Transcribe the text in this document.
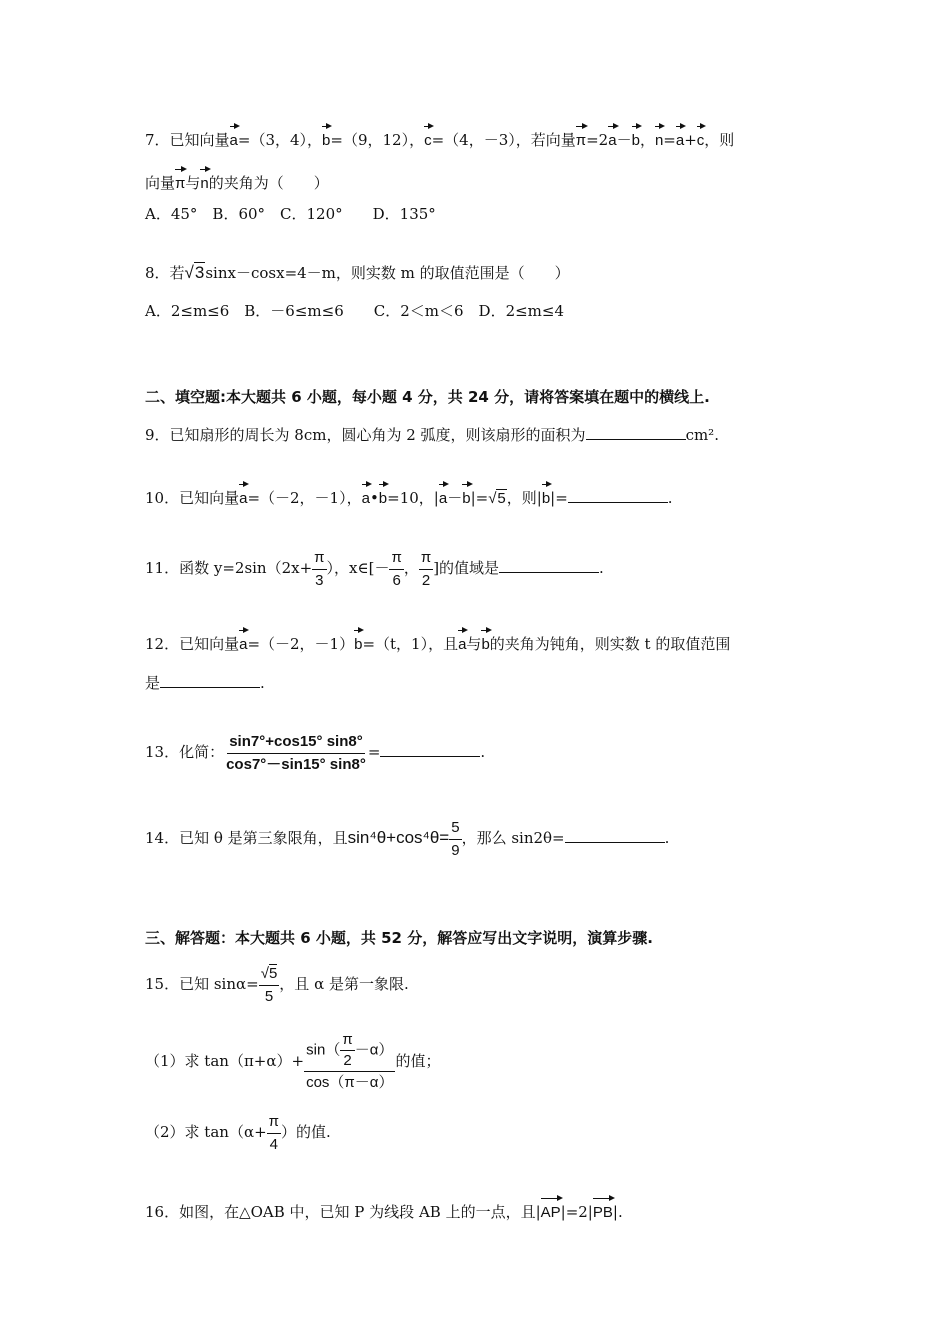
7．已知向量a=（3，4），b=（9，12），c=（4，－3），若向量π=2a－b，n=a+c，则
向量π与n的夹角为（　　）
A．45°　B．60°　C．120°　　D．135°
8．若√3sinx－cosx=4－m，则实数 m 的取值范围是（　　）
A．2≤m≤6　B．－6≤m≤6　　C．2＜m＜6　D．2≤m≤4
二、填空题:本大题共 6 小题，每小题 4 分，共 24 分，请将答案填在题中的横线上.
9．已知扇形的周长为 8cm，圆心角为 2 弧度，则该扇形的面积为	cm².
10．已知向量a=（－2，－1），a•b=10，|a－b|=√5，则|b|=	.
11．函数 $y=2\sin(2x+ \frac{\pi}{3}$ ），x∈[－ $\frac{\pi}{6}$ ， $\frac{\pi}{2}$ ]的值域是	.
12．已知向量a=（－2，－1）b=（t，1），且a与b的夹角为钝角，则实数 t 的取值范围
是	.
13．化简： $\frac{\sin 7^\circ+\cos 15^\circ \sin 8^\circ}{\cos 7^\circ-\sin 15^\circ \sin 8^\circ}$ =	.
14．已知 θ 是第三象限角，且$\sin^4\theta+\cos^4\theta= \frac{5}{9}$ ，那么 sin2θ=	.
三、解答题：本大题共 6 小题，共 52 分，解答应写出文字说明，演算步骤.
15．已知 $\sin\alpha= \frac{√5}{5}$ ，且 α 是第一象限.
（1）求 $\tan(\pi+\alpha)+ \frac{\sin( \frac{\pi}{2} -\alpha)}{\cos(\pi-\alpha)}$ 的值；
（2）求 $\tan(\alpha+ \frac{\pi}{4}$ ）的值.
16．如图，在△OAB 中，已知 P 为线段 AB 上的一点，且|AP|=2|PB|.
